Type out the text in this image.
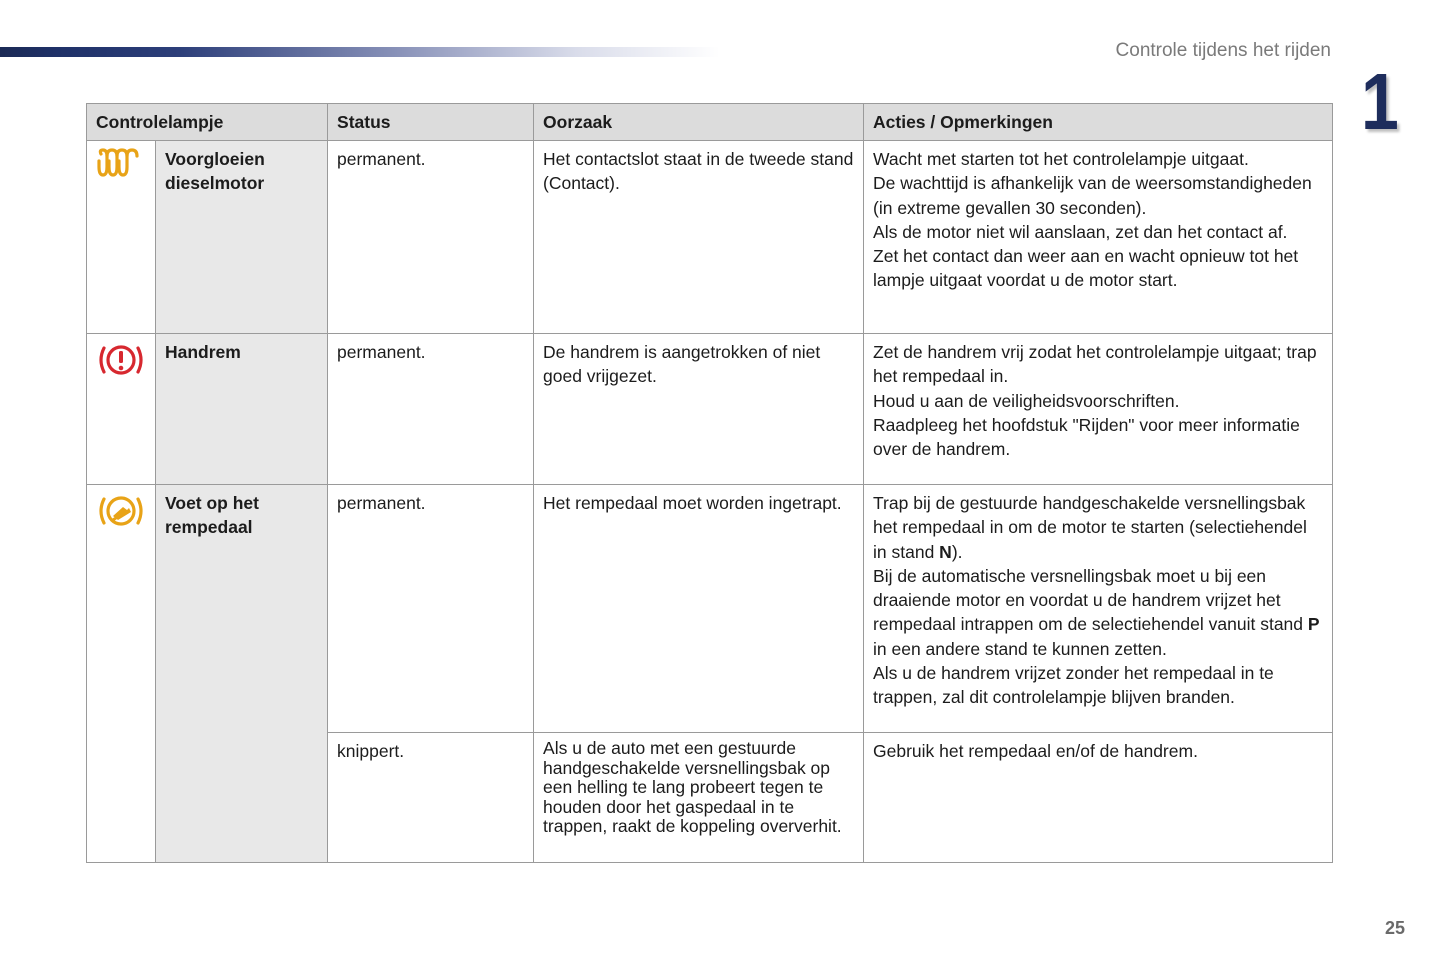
Controle tijdens het rijden
1
Controlelampje		Status	Oorzaak	Acties / Opmerkingen
	Voorgloeien dieselmotor	permanent.	Het contactslot staat in de tweede stand (Contact).	Wacht met starten tot het controlelampje uitgaat.
De wachttijd is afhankelijk van de weersomstandigheden (in extreme gevallen 30 seconden).
Als de motor niet wil aanslaan, zet dan het contact af.
Zet het contact dan weer aan en wacht opnieuw tot het lampje uitgaat voordat u de motor start.

	Handrem	permanent.	De handrem is aangetrokken of niet goed vrijgezet.	Zet de handrem vrij zodat het controlelampje uitgaat; trap het rempedaal in.
Houd u aan de veiligheidsvoorschriften.
Raadpleeg het hoofdstuk "Rijden" voor meer informatie over de handrem.

	Voet op het rempedaal	permanent.	Het rempedaal moet worden ingetrapt.	Trap bij de gestuurde handgeschakelde versnellingsbak het rempedaal in om de motor te starten (selectiehendel in stand N).
Bij de automatische versnellingsbak moet u bij een draaiende motor en voordat u de handrem vrijzet het rempedaal intrappen om de selectiehendel vanuit stand P in een andere stand te kunnen zetten.
Als u de handrem vrijzet zonder het rempedaal in te trappen, zal dit controlelampje blijven branden.

		knippert.	Als u de auto met een gestuurde handgeschakelde versnellingsbak op een helling te lang probeert tegen te houden door het gaspedaal in te trappen, raakt de koppeling oververhit.	Gebruik het rempedaal en/of de handrem.
25
